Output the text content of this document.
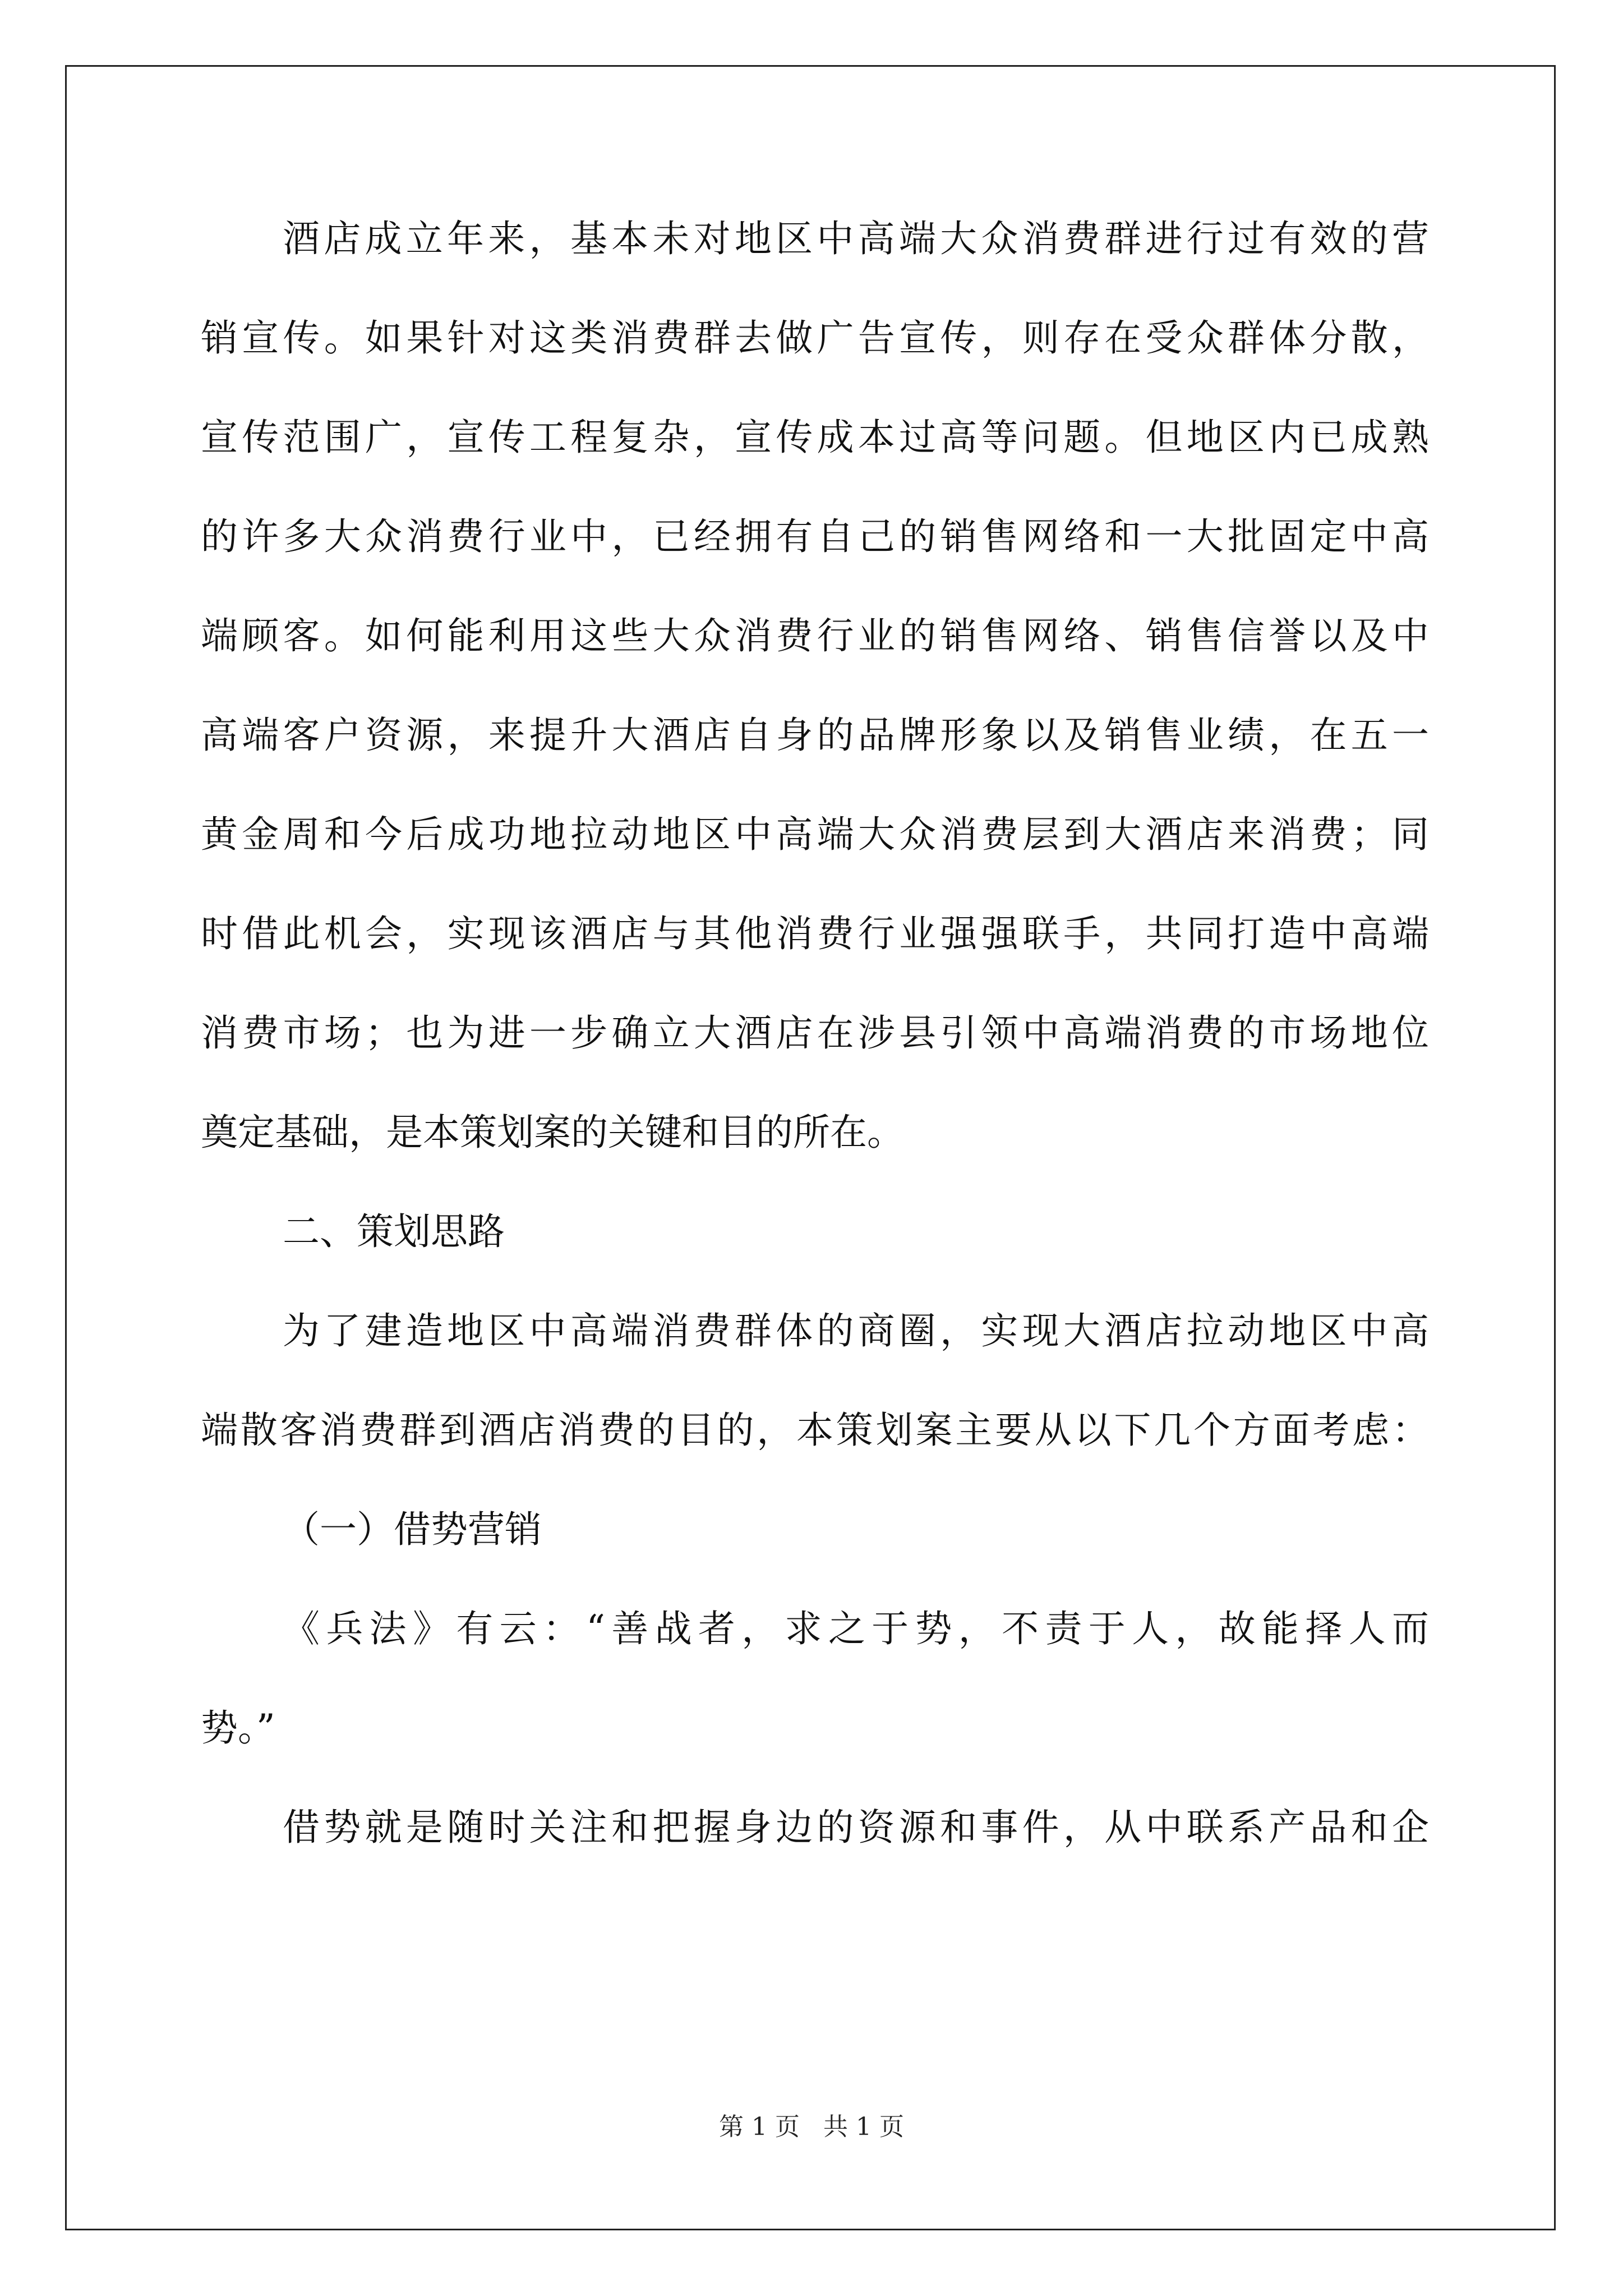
酒店成立年来，基本未对地区中高端大众消费群进行过有效的营
销宣传。如果针对这类消费群去做广告宣传，则存在受众群体分散，
宣传范围广，宣传工程复杂，宣传成本过高等问题。但地区内已成熟
的许多大众消费行业中，已经拥有自己的销售网络和一大批固定中高
端顾客。如何能利用这些大众消费行业的销售网络、销售信誉以及中
高端客户资源，来提升大酒店自身的品牌形象以及销售业绩，在五一
黄金周和今后成功地拉动地区中高端大众消费层到大酒店来消费；同
时借此机会，实现该酒店与其他消费行业强强联手，共同打造中高端
消费市场；也为进一步确立大酒店在涉县引领中高端消费的市场地位
奠定基础，是本策划案的关键和目的所在。
二、策划思路
为了建造地区中高端消费群体的商圈，实现大酒店拉动地区中高
端散客消费群到酒店消费的目的，本策划案主要从以下几个方面考虑：
（一）借势营销
《兵法》有云：“善战者，求之于势，不责于人，故能择人而
势。”
借势就是随时关注和把握身边的资源和事件，从中联系产品和企
第 1 页   共 1 页
